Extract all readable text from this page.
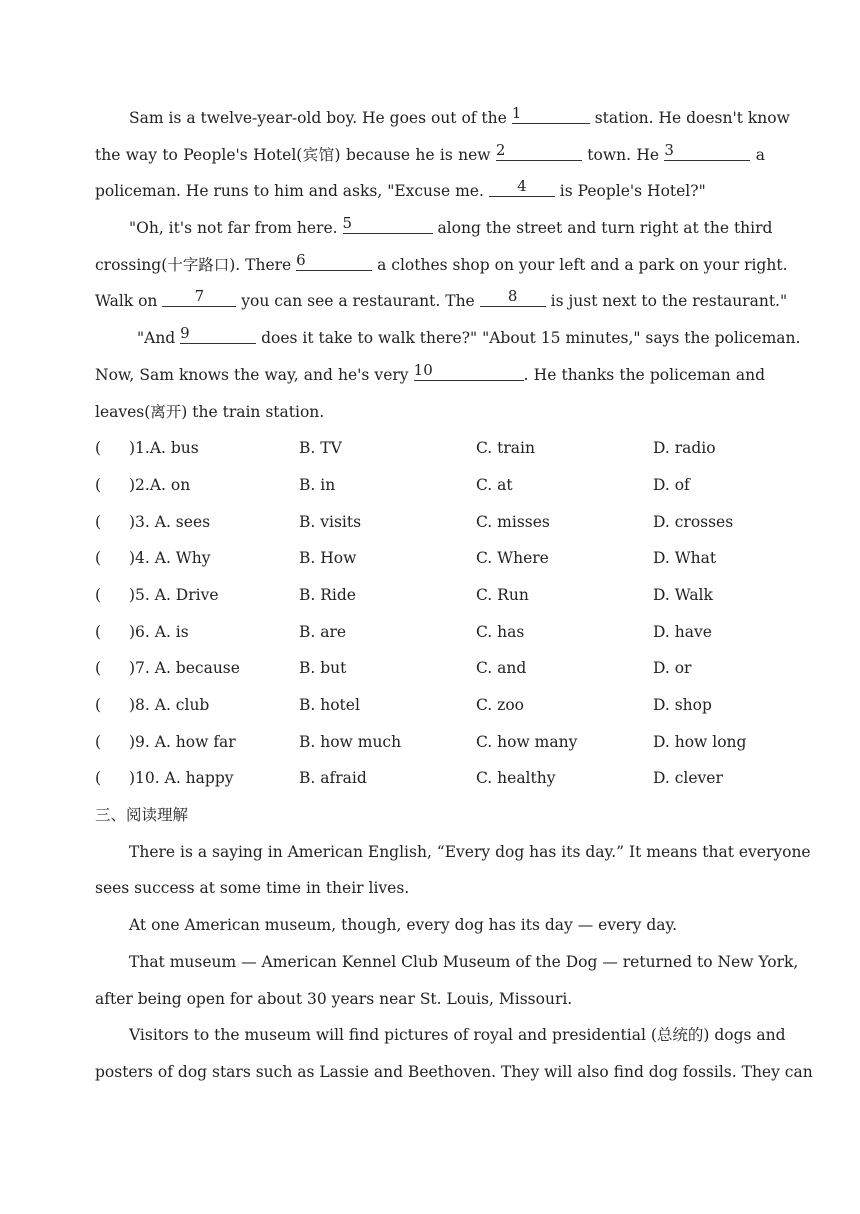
Sam is a twelve-year-old boy. He goes out of the 1	station. He doesn't know

the way to People's Hotel(宾馆) because he is new 2	town. He 3	a

policeman. He runs to him and asks, "Excuse me. 4 is People's Hotel?"

"Oh, it's not far from here. 5	along the street and turn right at the third

crossing(十字路口). There 6	a clothes shop on your left and a park on your right.

Walk on 7 you can see a restaurant. The 8 is just next to the restaurant."

"And 9	does it take to walk there?" "About 15 minutes," says the policeman.

Now, Sam knows the way, and he's very 10	. He thanks the policeman and

leaves(离开) the train station.

( )1.A. bus	B. TV	C. train	D. radio
( )2.A. on	B. in	C. at	D. of
( )3. A. sees	B. visits	C. misses	D. crosses
( )4. A. Why	B. How	C. Where	D. What
( )5. A. Drive	B. Ride	C. Run	D. Walk
( )6. A. is	B. are	C. has	D. have
( )7. A. because	B. but	C. and	D. or
( )8. A. club	B. hotel	C. zoo	D. shop
( )9. A. how far	B. how much	C. how many	D. how long
( )10. A. happy	B. afraid	C. healthy	D. clever

三、阅读理解

There is a saying in American English, “Every dog has its day.” It means that everyone

sees success at some time in their lives.

At one American museum, though, every dog has its day — every day.

That museum — American Kennel Club Museum of the Dog — returned to New York,

after being open for about 30 years near St. Louis, Missouri.

Visitors to the museum will find pictures of royal and presidential (总统的) dogs and

posters of dog stars such as Lassie and Beethoven. They will also find dog fossils. They can
